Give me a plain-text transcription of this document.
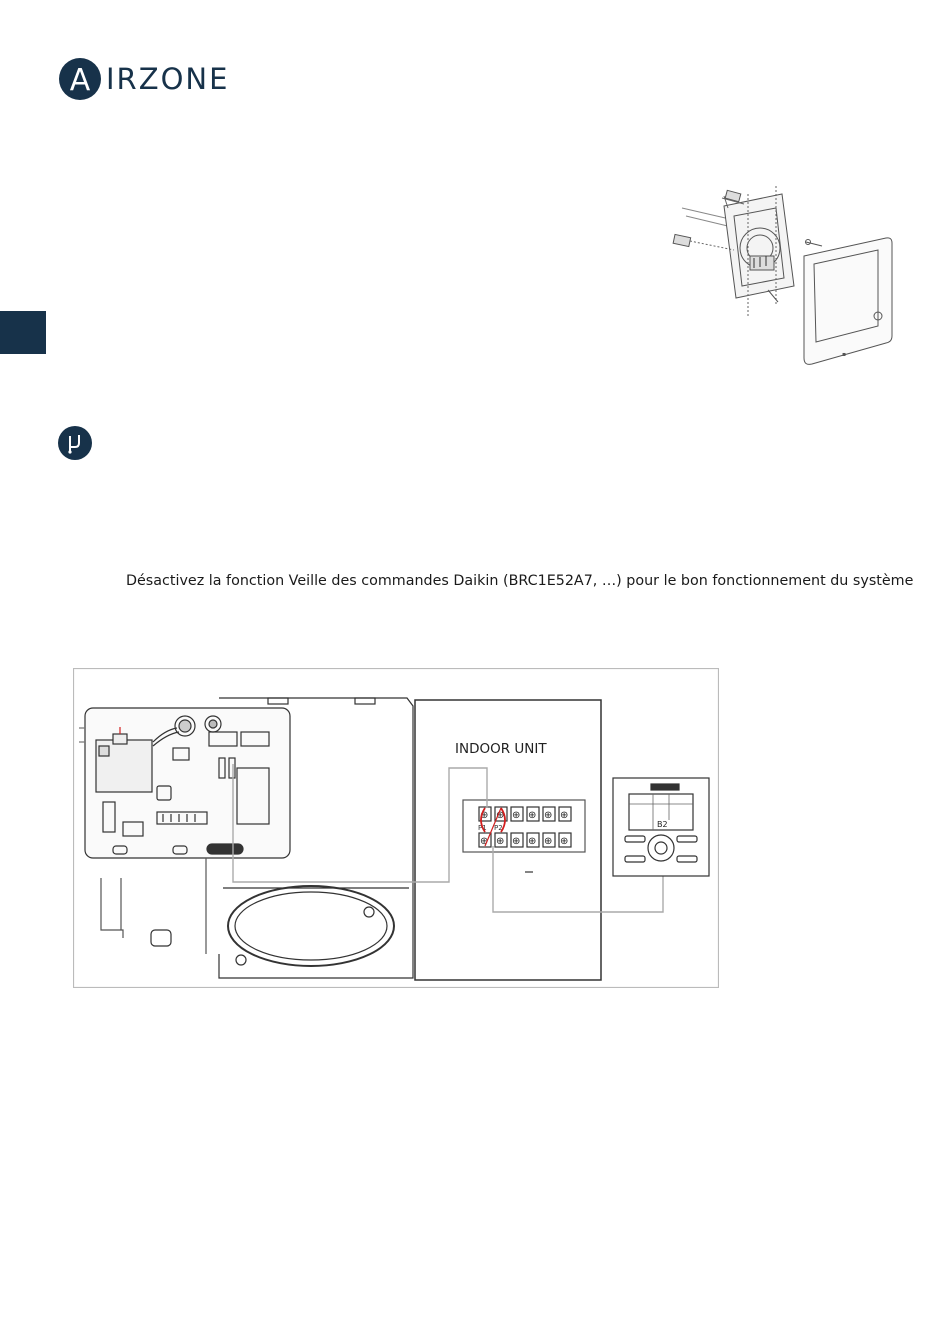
A IRZONE
▪
Désactivez la fonction Veille des commandes Daikin (BRC1E52A7, …) pour le bon fonctionnement du système
INDOOR UNIT
⊕ ⊕ ⊕ ⊕ ⊕ ⊕
⊕ ⊕ ⊕ ⊕ ⊕ ⊕
P1 P2	B2
